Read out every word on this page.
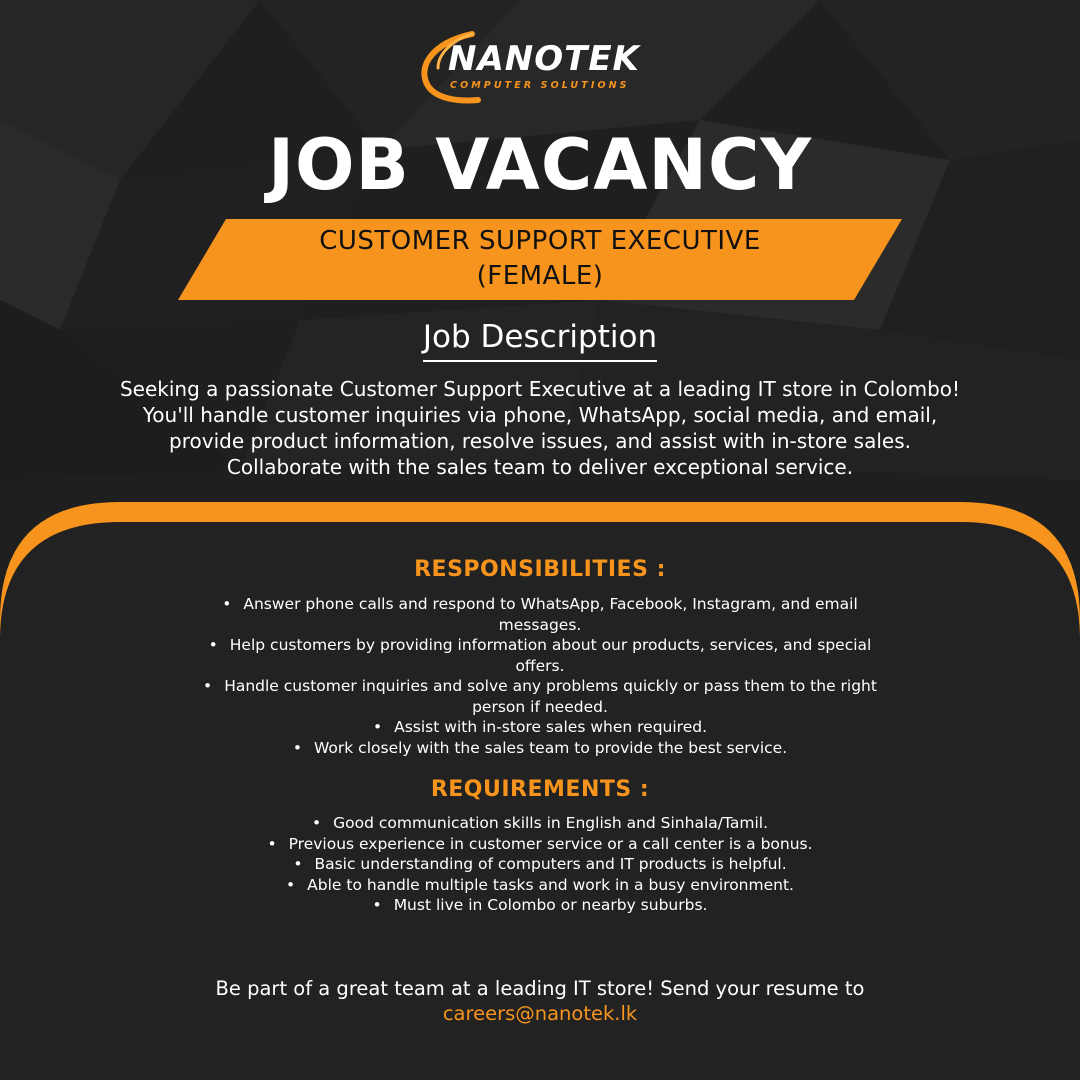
NANOTEK
COMPUTER SOLUTIONS
JOB VACANCY
CUSTOMER SUPPORT EXECUTIVE
(FEMALE)
Job Description
Seeking a passionate Customer Support Executive at a leading IT store in Colombo! You'll handle customer inquiries via phone, WhatsApp, social media, and email, provide product information, resolve issues, and assist with in-store sales. Collaborate with the sales team to deliver exceptional service.
RESPONSIBILITIES :
• Answer phone calls and respond to WhatsApp, Facebook, Instagram, and email messages.
• Help customers by providing information about our products, services, and special offers.
• Handle customer inquiries and solve any problems quickly or pass them to the right person if needed.
• Assist with in-store sales when required.
• Work closely with the sales team to provide the best service.
REQUIREMENTS :
• Good communication skills in English and Sinhala/Tamil.
• Previous experience in customer service or a call center is a bonus.
• Basic understanding of computers and IT products is helpful.
• Able to handle multiple tasks and work in a busy environment.
• Must live in Colombo or nearby suburbs.
Be part of a great team at a leading IT store! Send your resume to
careers@nanotek.lk
